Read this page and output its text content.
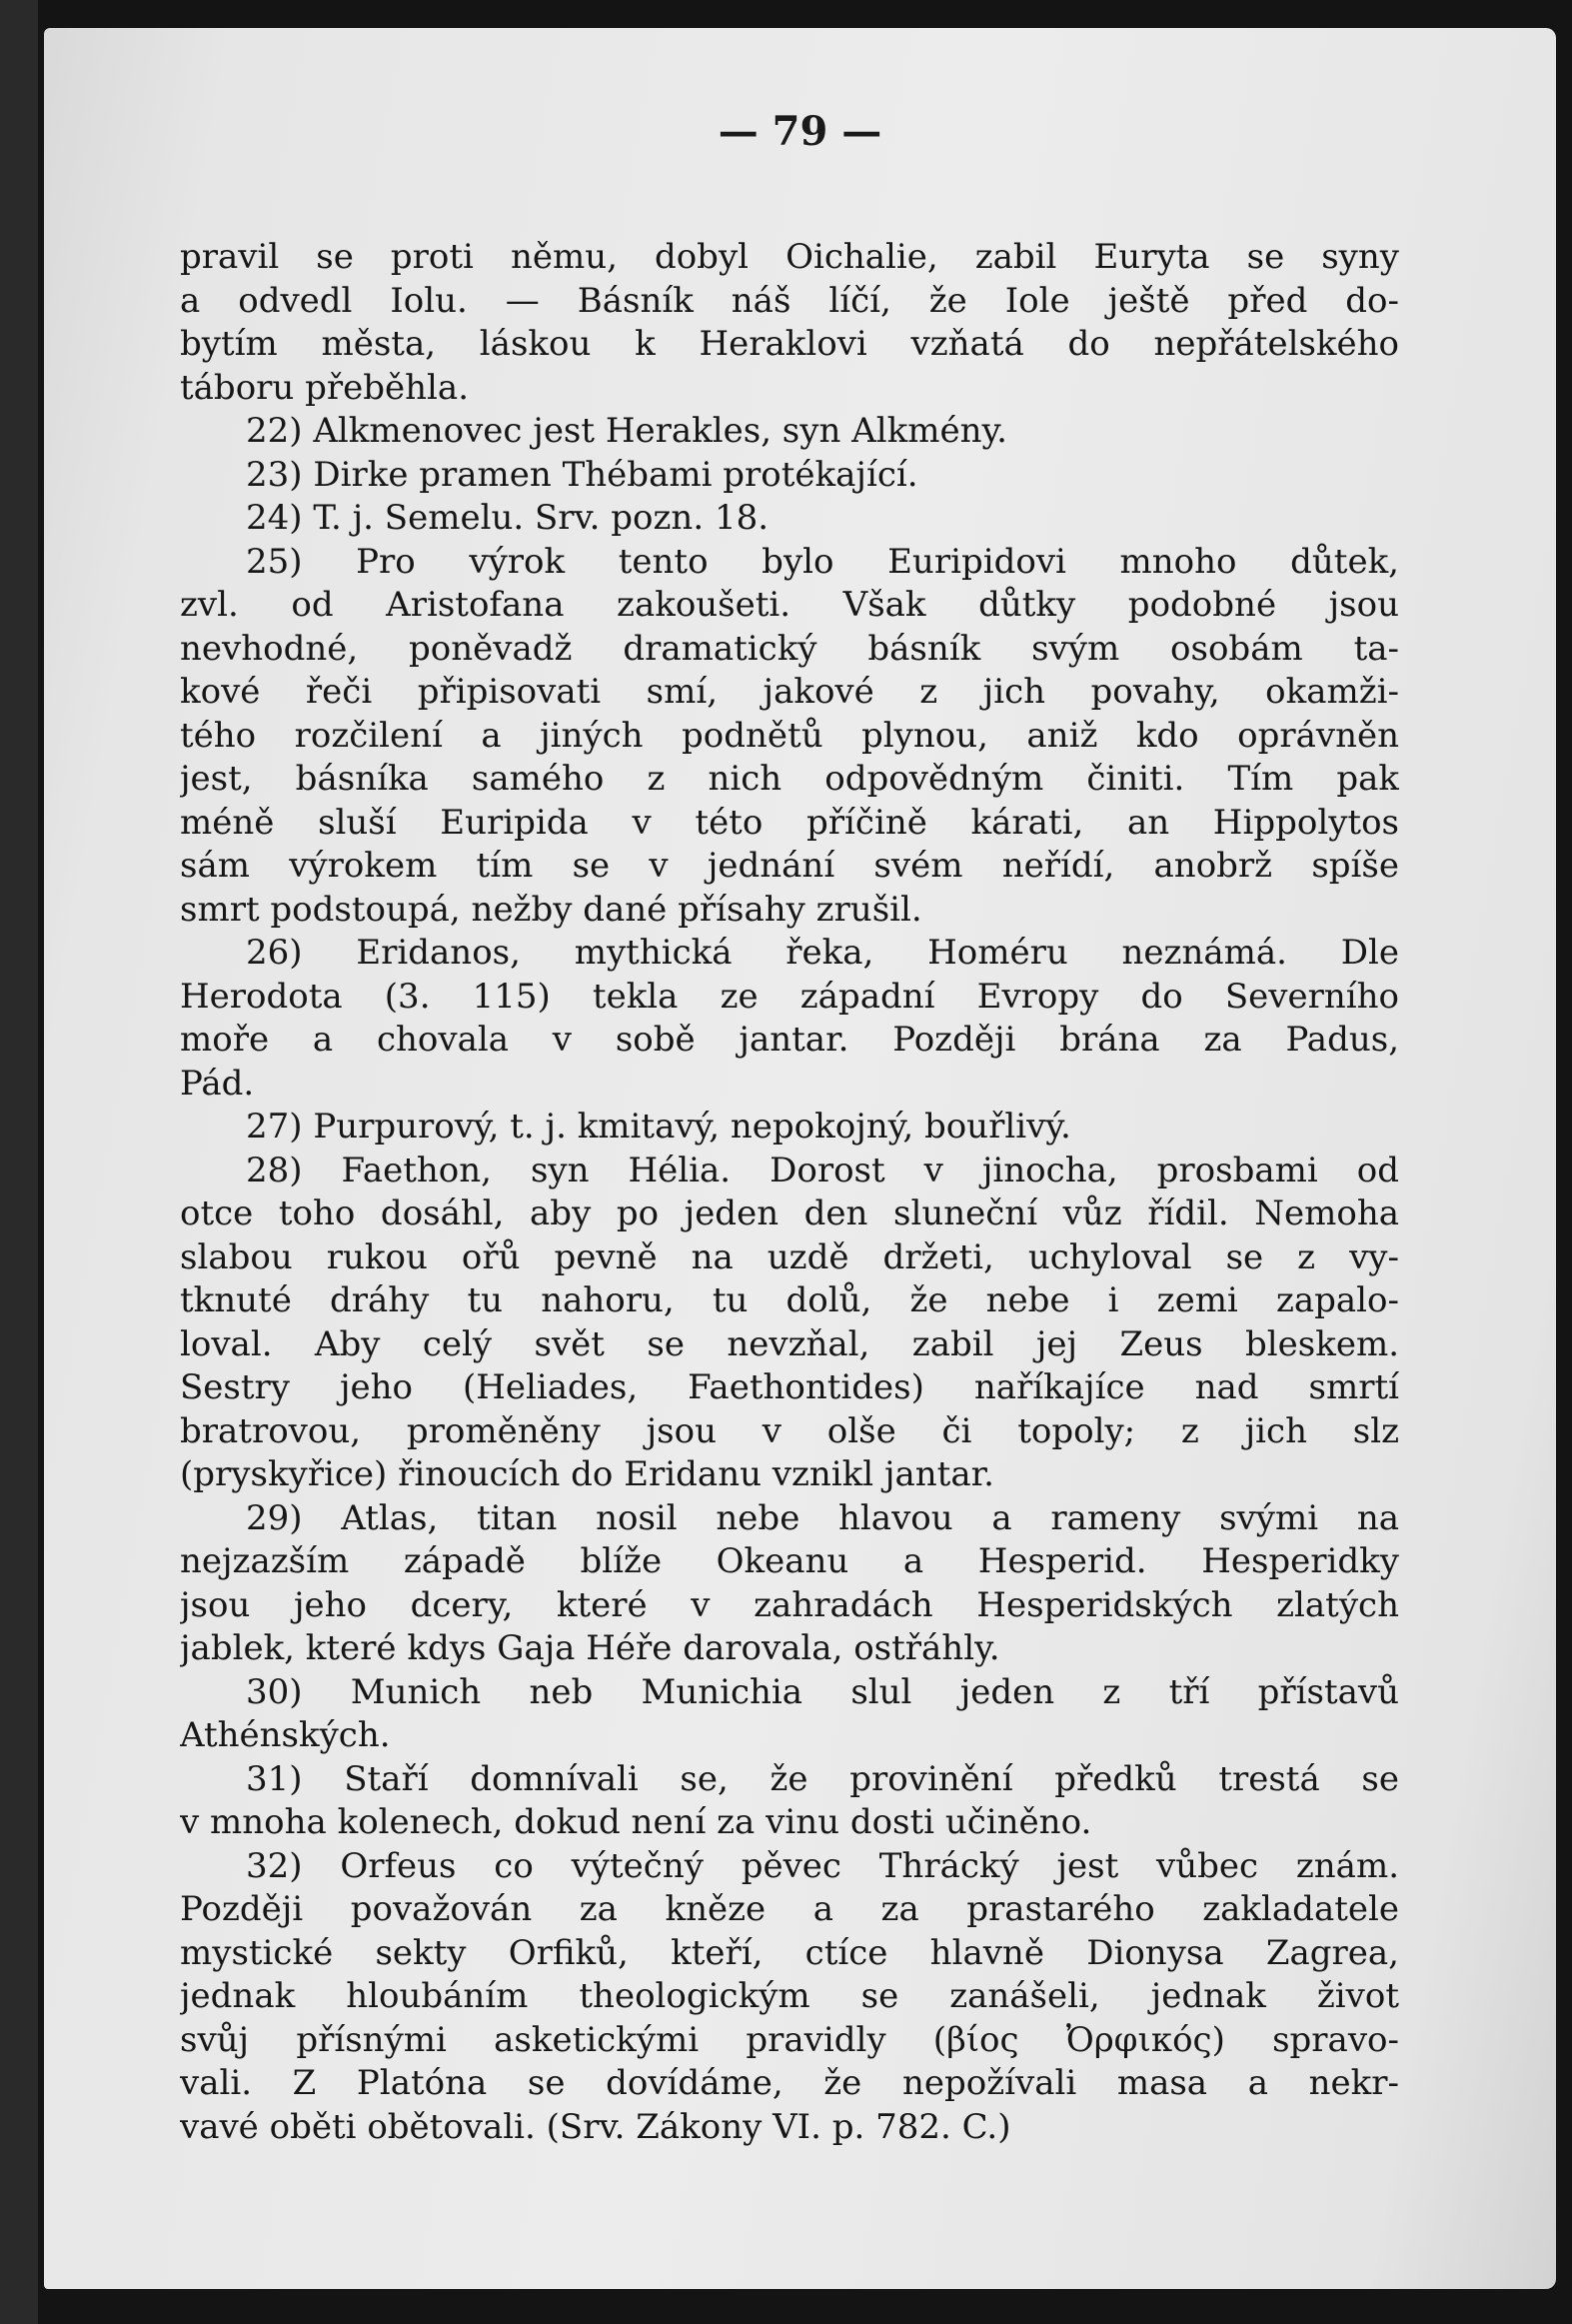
— 79 —
pravil se proti němu, dobyl Oichalie, zabil Euryta se syny
a odvedl Iolu. — Básník náš líčí, že Iole ještě před do-
bytím města, láskou k Heraklovi vzňatá do nepřátelského
táboru přeběhla.
22) Alkmenovec jest Herakles, syn Alkmény.
23) Dirke pramen Thébami protékající.
24) T. j. Semelu. Srv. pozn. 18.
25) Pro výrok tento bylo Euripidovi mnoho důtek,
zvl. od Aristofana zakoušeti. Však důtky podobné jsou
nevhodné, poněvadž dramatický básník svým osobám ta-
kové řeči připisovati smí, jakové z jich povahy, okamži-
tého rozčilení a jiných podnětů plynou, aniž kdo oprávněn
jest, básníka samého z nich odpovědným činiti. Tím pak
méně sluší Euripida v této příčině kárati, an Hippolytos
sám výrokem tím se v jednání svém neřídí, anobrž spíše
smrt podstoupá, nežby dané přísahy zrušil.
26) Eridanos, mythická řeka, Homéru neznámá. Dle
Herodota (3. 115) tekla ze západní Evropy do Severního
moře a chovala v sobě jantar. Později brána za Padus,
Pád.
27) Purpurový, t. j. kmitavý, nepokojný, bouřlivý.
28) Faethon, syn Hélia. Dorost v jinocha, prosbami od
otce toho dosáhl, aby po jeden den sluneční vůz řídil. Nemoha
slabou rukou ořů pevně na uzdě držeti, uchyloval se z vy-
tknuté dráhy tu nahoru, tu dolů, že nebe i zemi zapalo-
loval. Aby celý svět se nevzňal, zabil jej Zeus bleskem.
Sestry jeho (Heliades, Faethontides) naříkajíce nad smrtí
bratrovou, proměněny jsou v olše či topoly; z jich slz
(pryskyřice) řinoucích do Eridanu vznikl jantar.
29) Atlas, titan nosil nebe hlavou a rameny svými na
nejzazším západě blíže Okeanu a Hesperid. Hesperidky
jsou jeho dcery, které v zahradách Hesperidských zlatých
jablek, které kdys Gaja Héře darovala, ostřáhly.
30) Munich neb Munichia slul jeden z tří přístavů
Athénských.
31) Staří domnívali se, že provinění předků trestá se
v mnoha kolenech, dokud není za vinu dosti učiněno.
32) Orfeus co výtečný pěvec Thrácký jest vůbec znám.
Později považován za kněze a za prastarého zakladatele
mystické sekty Orfiků, kteří, ctíce hlavně Dionysa Zagrea,
jednak hloubáním theologickým se zanášeli, jednak život
svůj přísnými asketickými pravidly (βίος Ὀρφικός) spravo-
vali. Z Platóna se dovídáme, že nepožívali masa a nekr-
vavé oběti obětovali. (Srv. Zákony VI. p. 782. C.)
